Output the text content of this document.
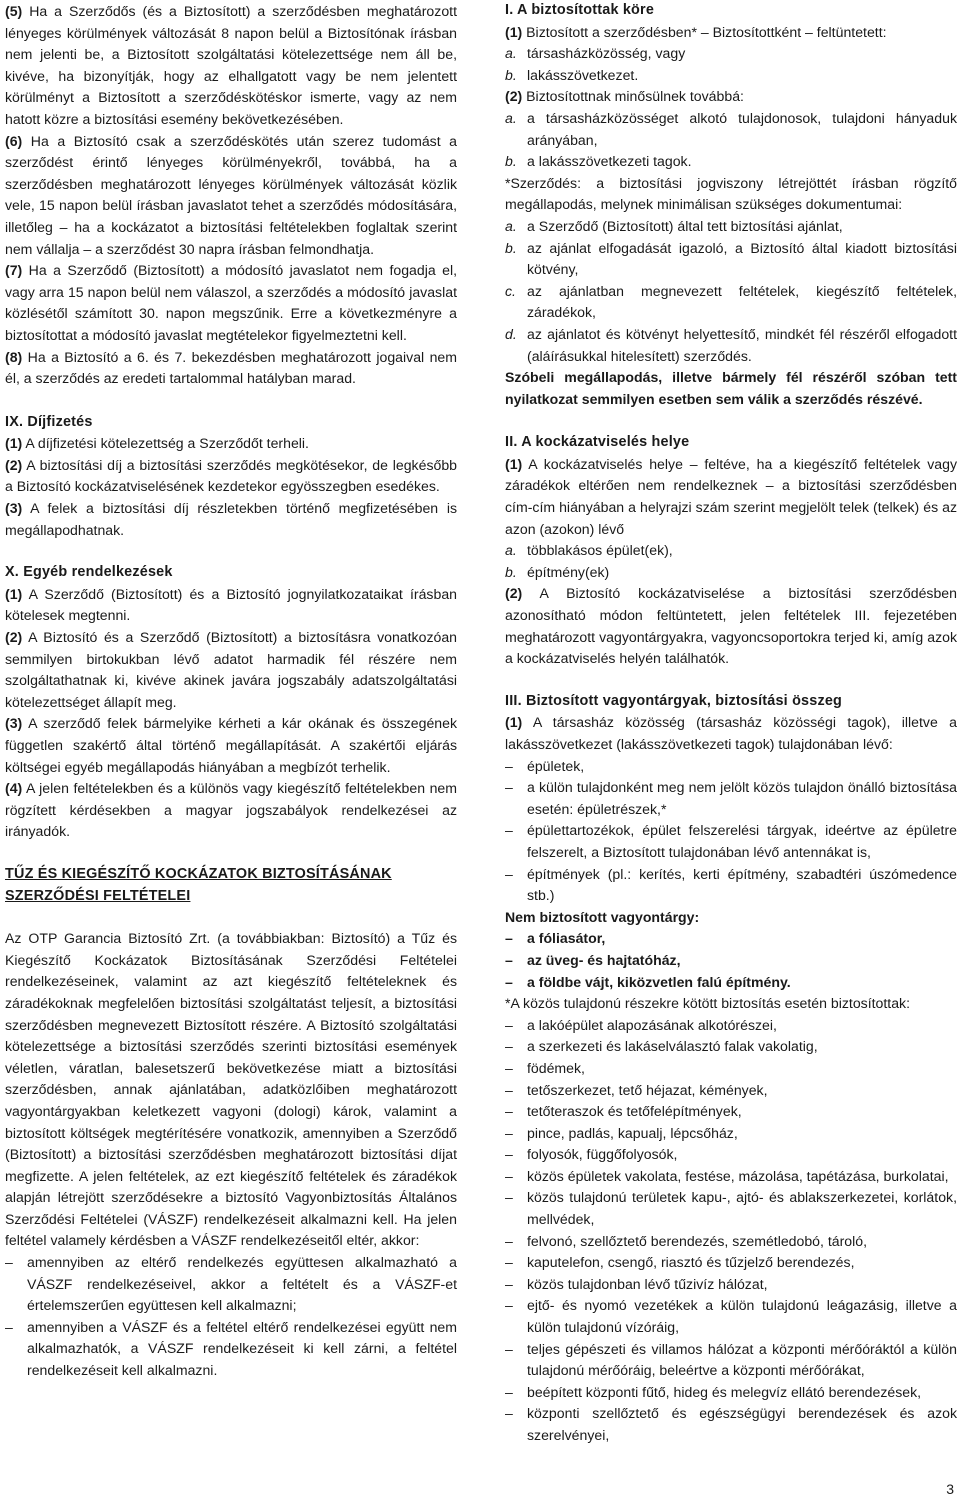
(5) Ha a Szerződős (és a Biztosított) a szerződésben meghatározott lényeges körülmények változását 8 napon belül a Biztosítónak írásban nem jelenti be, a Biztosított szolgáltatási kötelezettsége nem áll be, kivéve, ha bizonyítják, hogy az elhallgatott vagy be nem jelentett körülményt a Biztosított a szerződéskötéskor ismerte, vagy az nem hatott közre a biztosítási esemény bekövetkezésében.

(6) Ha a Biztosító csak a szerződéskötés után szerez tudomást a szerződést érintő lényeges körülményekről, továbbá, ha a szerződésben meghatározott lényeges körülmények változását közlik vele, 15 napon belül írásban javaslatot tehet a szerződés módosítására, illetőleg – ha a kockázatot a biztosítási feltételekben foglaltak szerint nem vállalja – a szerződést 30 napra írásban felmondhatja.

(7) Ha a Szerződő (Biztosított) a módosító javaslatot nem fogadja el, vagy arra 15 napon belül nem válaszol, a szerződés a módosító javaslat közlésétől számított 30. napon megszűnik. Erre a következményre a biztosítottat a módosító javaslat megtételekor figyelmeztetni kell.

(8) Ha a Biztosító a 6. és 7. bekezdésben meghatározott jogaival nem él, a szerződés az eredeti tartalommal hatályban marad.

IX. Díjfizetés

(1) A díjfizetési kötelezettség a Szerződőt terheli.

(2) A biztosítási díj a biztosítási szerződés megkötésekor, de legkésőbb a Biztosító kockázatviselésének kezdetekor egyösszegben esedékes.

(3) A felek a biztosítási díj részletekben történő megfizetésében is megállapodhatnak.

X. Egyéb rendelkezések

(1) A Szerződő (Biztosított) és a Biztosító jognyilatkozataikat írásban kötelesek megtenni.

(2) A Biztosító és a Szerződő (Biztosított) a biztosításra vonatkozóan semmilyen birtokukban lévő adatot harmadik fél részére nem szolgáltathatnak ki, kivéve akinek javára jogszabály adatszolgáltatási kötelezettséget állapít meg.

(3) A szerződő felek bármelyike kérheti a kár okának és összegének független szakértő által történő megállapítását. A szakértői eljárás költségei egyéb megállapodás hiányában a megbízót terhelik.

(4) A jelen feltételekben és a különös vagy kiegészítő feltételekben nem rögzített kérdésekben a magyar jogszabályok rendelkezései az irányadók.

TŰZ ÉS KIEGÉSZÍTŐ KOCKÁZATOK BIZTOSÍTÁSÁNAK

SZERZŐDÉSI FELTÉTELEI

Az OTP Garancia Biztosító Zrt. (a továbbiakban: Biztosító) a Tűz és Kiegészítő Kockázatok Biztosításának Szerződési Feltételei rendelkezéseinek, valamint az azt kiegészítő feltételeknek és záradékoknak megfelelően biztosítási szolgáltatást teljesít, a biztosítási szerződésben megnevezett Biztosított részére. A Biztosító szolgáltatási kötelezettsége a biztosítási szerződés szerinti biztosítási események véletlen, váratlan, balesetszerű bekövetkezése miatt a biztosítási szerződésben, annak ajánlatában, adatközlőiben meghatározott vagyontárgyakban keletkezett vagyoni (dologi) károk, valamint a biztosított költségek megtérítésére vonatkozik, amennyiben a Szerződő (Biztosított) a biztosítási szerződésben meghatározott biztosítási díjat megfizette. A jelen feltételek, az ezt kiegészítő feltételek és záradékok alapján létrejött szerződésekre a biztosító Vagyonbiztosítás Általános Szerződési Feltételei (VÁSZF) rendelkezéseit alkalmazni kell. Ha jelen feltétel valamely kérdésben a VÁSZF rendelkezéseitől eltér, akkor:

– amennyiben az eltérő rendelkezés együttesen alkalmazható a VÁSZF rendelkezéseivel, akkor a feltételt és a VÁSZF-et értelemszerűen együttesen kell alkalmazni;
– amennyiben a VÁSZF és a feltétel eltérő rendelkezései együtt nem alkalmazhatók, a VÁSZF rendelkezéseit ki kell zárni, a feltétel rendelkezéseit kell alkalmazni.

I. A biztosítottak köre

(1) Biztosított a szerződésben* – Biztosítottként – feltüntetett:

a. társasházközösség, vagy
b. lakásszövetkezet.

(2) Biztosítottnak minősülnek továbbá:

a. a társasházközösséget alkotó tulajdonosok, tulajdoni hányaduk arányában,
b. a lakásszövetkezeti tagok.

*Szerződés: a biztosítási jogviszony létrejöttét írásban rögzítő megállapodás, melynek minimálisan szükséges dokumentumai:

a. a Szerződő (Biztosított) által tett biztosítási ajánlat,
b. az ajánlat elfogadását igazoló, a Biztosító által kiadott biztosítási kötvény,
c. az ajánlatban megnevezett feltételek, kiegészítő feltételek, záradékok,
d. az ajánlatot és kötvényt helyettesítő, mindkét fél részéről elfogadott (aláírásukkal hitelesített) szerződés.

Szóbeli megállapodás, illetve bármely fél részéről szóban tett nyilatkozat semmilyen esetben sem válik a szerződés részévé.

II. A kockázatviselés helye

(1) A kockázatviselés helye – feltéve, ha a kiegészítő feltételek vagy záradékok eltérően nem rendelkeznek – a biztosítási szerződésben cím-cím hiányában a helyrajzi szám szerint megjelölt telek (telkek) és az azon (azokon) lévő

a. többlakásos épület(ek),
b. építmény(ek)

(2) A Biztosító kockázatviselése a biztosítási szerződésben azonosítható módon feltüntetett, jelen feltételek III. fejezetében meghatározott vagyontárgyakra, vagyoncsoportokra terjed ki, amíg azok a kockázatviselés helyén találhatók.

III. Biztosított vagyontárgyak, biztosítási összeg

(1) A társasház közösség (társasház közösségi tagok), illetve a lakásszövetkezet (lakásszövetkezeti tagok) tulajdonában lévő:

– épületek,
– a külön tulajdonként meg nem jelölt közös tulajdon önálló biztosítása esetén: épületrészek,*
– épülettartozékok, épület felszerelési tárgyak, ideértve az épületre felszerelt, a Biztosított tulajdonában lévő antennákat is,
– építmények (pl.: kerítés, kerti építmény, szabadtéri úszómedence stb.)

Nem biztosított vagyontárgy:

– a fóliasátor,
– az üveg- és hajtatóház,
– a földbe vájt, kiközvetlen falú építmény.

*A közös tulajdonú részekre kötött biztosítás esetén biztosítottak:

– a lakóépület alapozásának alkotórészei,
– a szerkezeti és lakáselválasztó falak vakolatig,
– födémek,
– tetőszerkezet, tető héjazat, kémények,
– tetőteraszok és tetőfelépítmények,
– pince, padlás, kapualj, lépcsőház,
– folyosók, függőfolyosók,
– közös épületek vakolata, festése, mázolása, tapétázása, burkolatai,
– közös tulajdonú területek kapu-, ajtó- és ablakszerkezetei, korlátok, mellvédek,
– felvonó, szellőztető berendezés, szemétledobó, tároló,
– kaputelefon, csengő, riasztó és tűzjelző berendezés,
– közös tulajdonban lévő tűzivíz hálózat,
– ejtő- és nyomó vezetékek a külön tulajdonú leágazásig, illetve a külön tulajdonú vízóráig,
– teljes gépészeti és villamos hálózat a központi mérőóráktól a külön tulajdonú mérőóráig, beleértve a központi mérőórákat,
– beépített központi fűtő, hideg és melegvíz ellátó berendezések,
– központi szellőztető és egészségügyi berendezések és azok szerelvényei,
3
